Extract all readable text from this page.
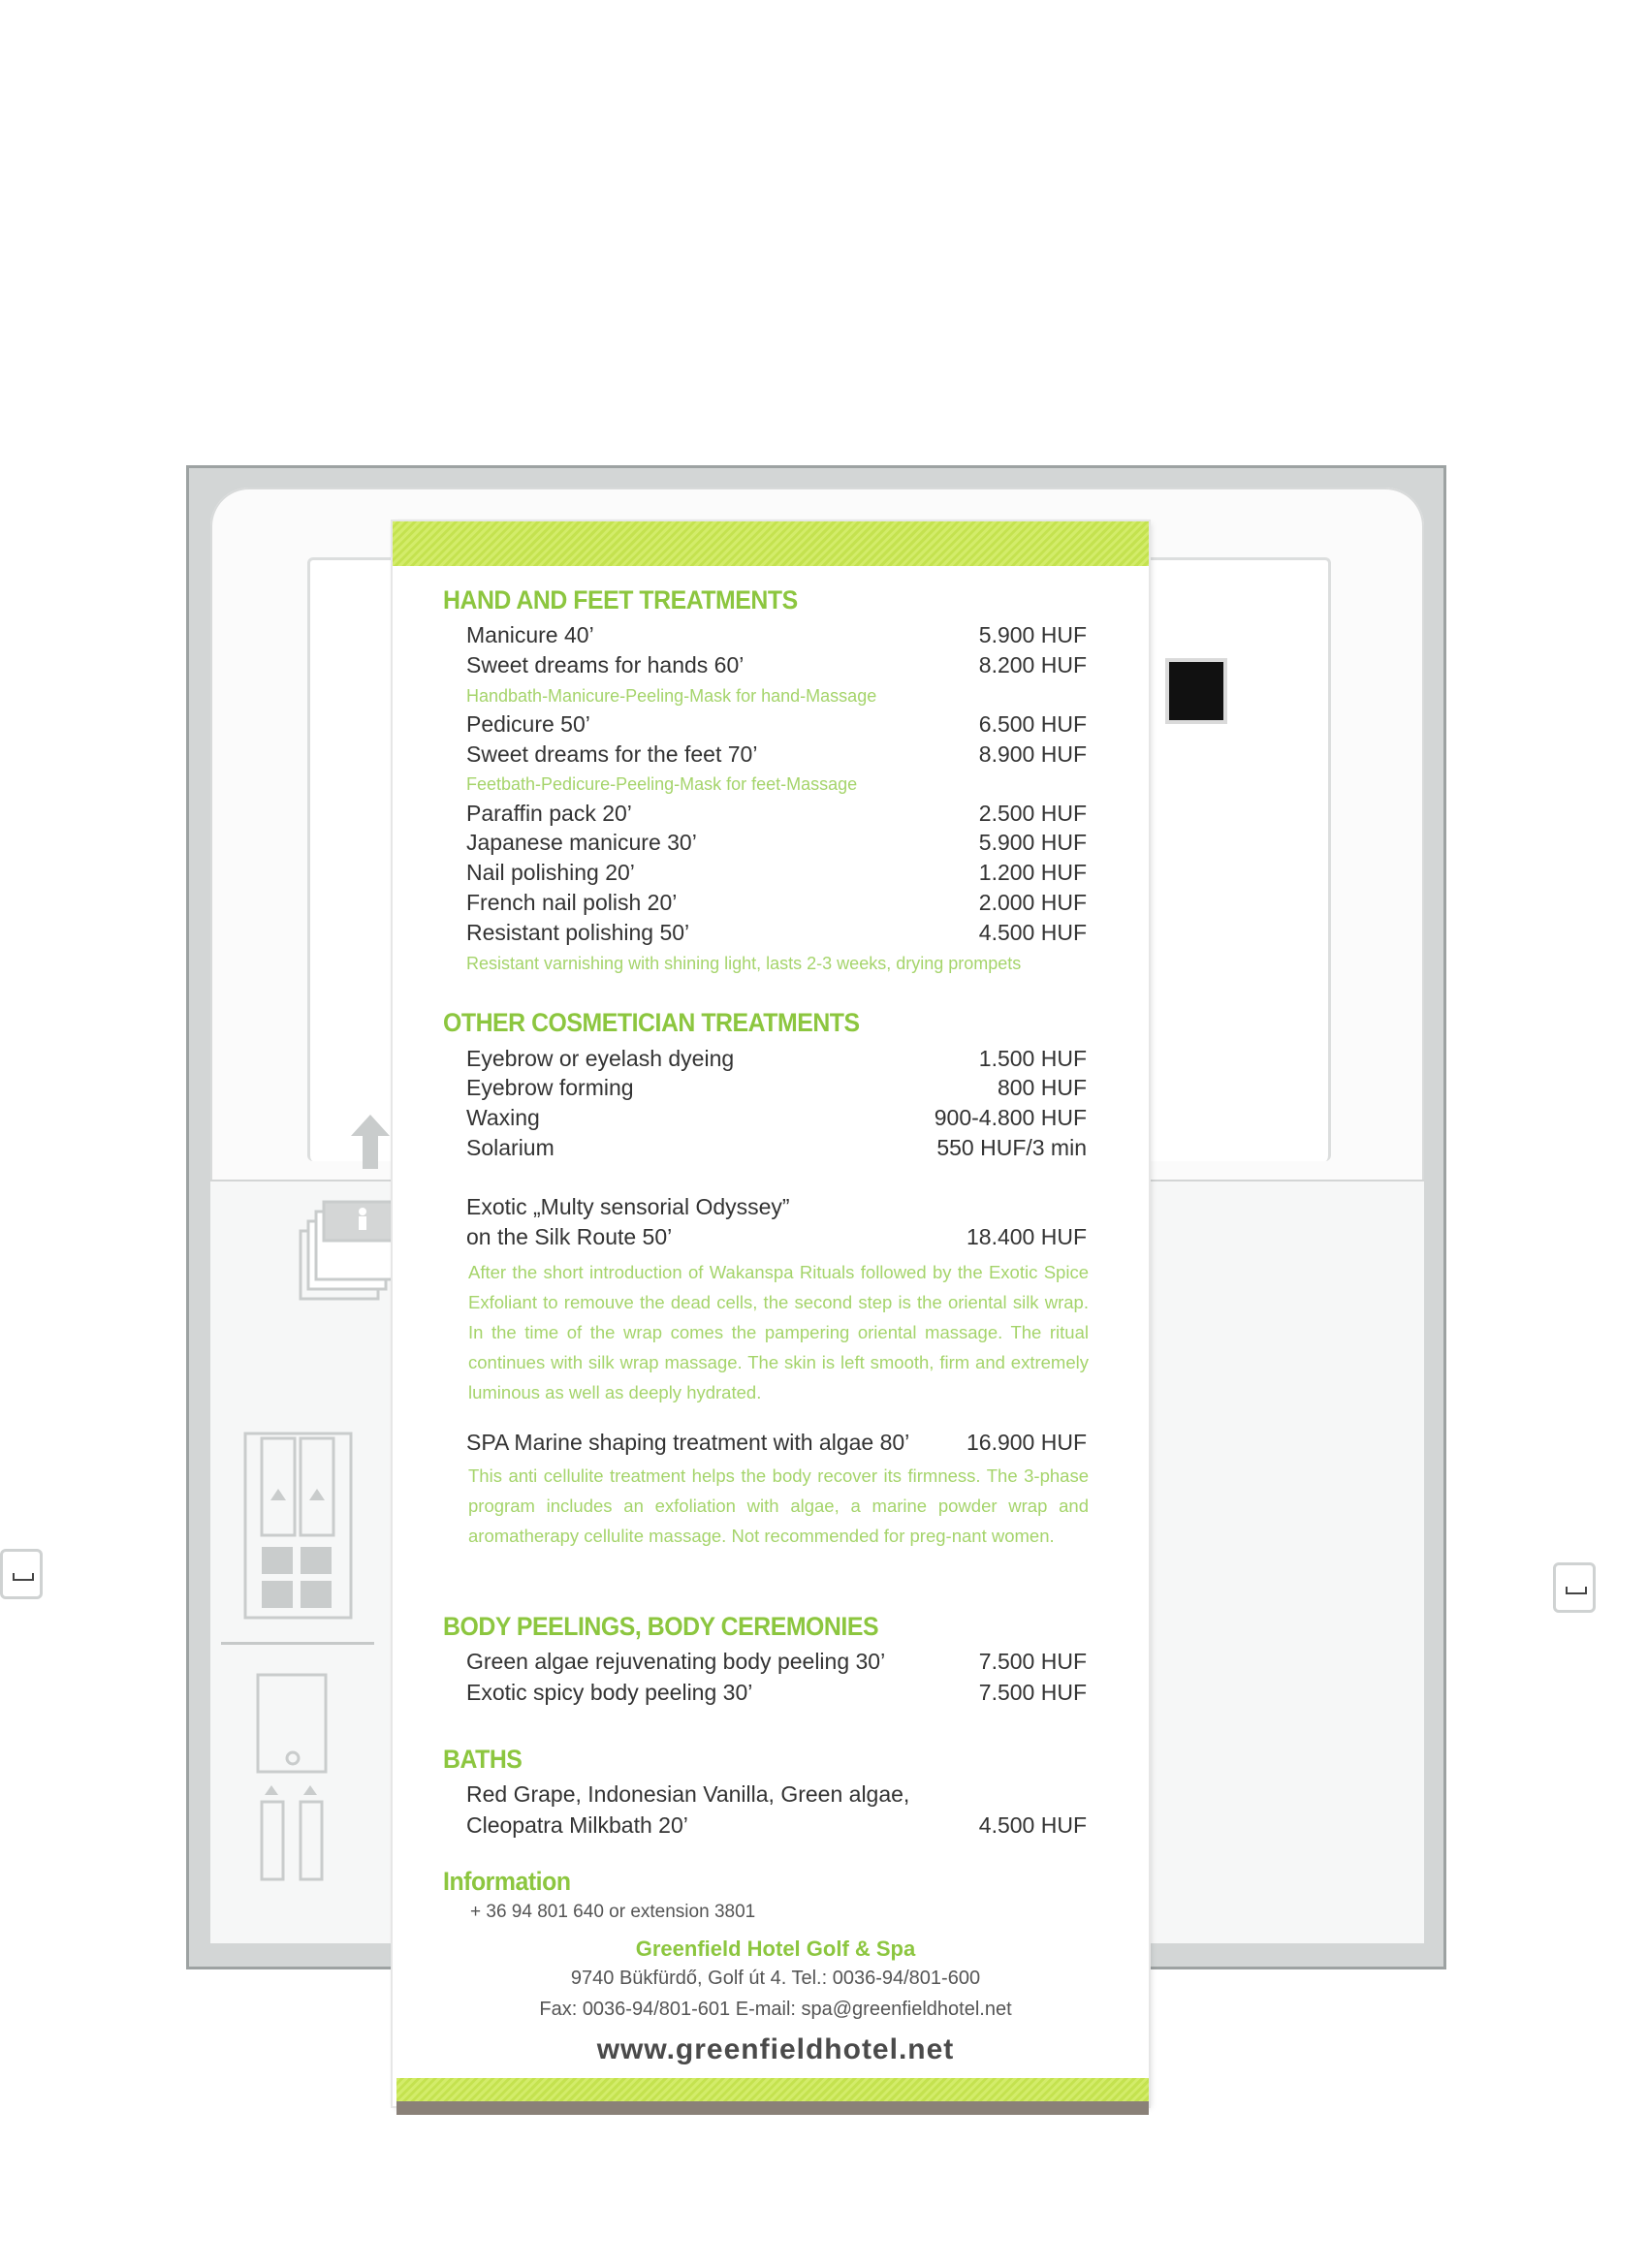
HAND AND FEET TREATMENTS
Manicure 40’	5.900 HUF
Sweet dreams for hands 60’	8.200 HUF
Handbath-Manicure-Peeling-Mask for hand-Massage
Pedicure 50’	6.500 HUF
Sweet dreams for the feet 70’	8.900 HUF
Feetbath-Pedicure-Peeling-Mask for feet-Massage
Paraffin pack 20’	2.500 HUF
Japanese manicure 30’	5.900 HUF
Nail polishing 20’	1.200 HUF
French nail polish 20’	2.000 HUF
Resistant polishing 50’	4.500 HUF
Resistant varnishing with shining light, lasts 2-3 weeks, drying prompets
OTHER COSMETICIAN TREATMENTS
Eyebrow or eyelash dyeing	1.500 HUF
Eyebrow forming	800 HUF
Waxing	900-4.800 HUF
Solarium	550 HUF/3 min
Exotic „Multy sensorial Odyssey”
on the Silk Route 50’	18.400 HUF
After the short introduction of Wakanspa Rituals followed by the Exotic Spice Exfoliant to remouve the dead cells, the second step is the oriental silk wrap. In the time of the wrap comes the pampering oriental massage. The ritual continues with silk wrap massage. The skin is left smooth, firm and extremely luminous as well as deeply hydrated.
SPA Marine shaping treatment with algae 80’	16.900 HUF
This anti cellulite treatment helps the body recover its firmness. The 3-phase program includes an exfoliation with algae, a marine powder wrap and aromatherapy cellulite massage. Not recommended for preg-nant women.
BODY PEELINGS, BODY CEREMONIES
Green algae rejuvenating body peeling 30’	7.500 HUF
Exotic spicy body peeling 30’	7.500 HUF
BATHS
Red Grape, Indonesian Vanilla, Green algae,
Cleopatra Milkbath 20’	4.500 HUF
Information
+ 36 94 801 640 or extension 3801
Greenfield Hotel Golf & Spa
9740 Bükfürdő, Golf út 4. Tel.: 0036-94/801-600
Fax: 0036-94/801-601 E-mail: spa@greenfieldhotel.net
www.greenfieldhotel.net
